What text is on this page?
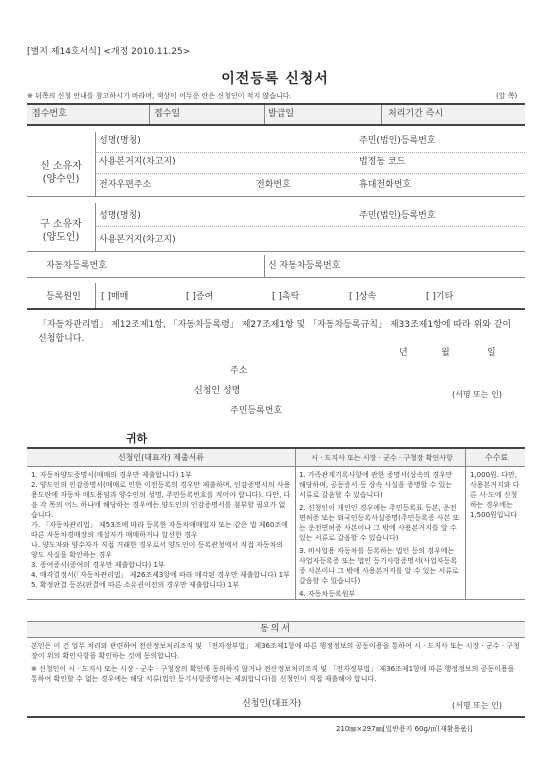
[별지 제14호서식] <개정 2010.11.25>
이전등록 신청서
※ 뒤쪽의 신청 안내를 참고하시기 바라며, 색상이 어두운 란은 신청인이 적지 않습니다.	(앞 쪽)
접수번호	접수일	발급일	처리기간 즉시
신 소유자
(양수인)
성명(명칭)	주민(법인)등록번호
사용본거지(차고지)	법정동 코드
전자우편주소	전화번호	휴대전화번호
구 소유자
(양도인)
성명(명칭)	주민(법인)등록번호
사용본거지(차고지)
자동차등록번호	신 자동차등록번호
등록원인 [ ]매매	[ ]증여	[ ]촉탁	[ ]상속	[ ]기타
「자동차관리법」 제12조제1항, 「자동차등록령」 제27조제1항 및 「자동차등록규칙」 제33조제1항에 따라 위와 같이 신청합니다.
년	월	일
주소
신청인 성명	(서명 또는 인)
주민등록번호
귀하
신청인(대표자) 제출서류	시 · 도지사 또는 시장 · 군수 · 구청장 확인사항	수수료
1. 자동차양도증명서(매매의 경우만 제출합니다) 1부
2. 양도인의 인감증명서(매매로 인한 이전등록의 경우만 제출하며, 인감증명서의 사용용도란에 자동차 매도용임과 양수인의 성명, 주민등록번호를 적어야 합니다). 다만, 다음 각 목의 어느 하나에 해당하는 경우에는 양도인의 인감증명서를 첨부할 필요가 없습니다.
가. 「자동차관리법」 제53조에 따라 등록한 자동차매매업자 또는 같은 법 제60조에 따른 자동차경매장의 개설자가 매매하거나 알선한 경우
나. 양도자와 양수자가 직접 거래한 경우로서 양도인이 등록관청에서 직접 자동차의 양도 사실을 확인하는 경우
3. 증여증서(증여의 경우만 제출합니다) 1부
4. 매각결정서(「자동차관리법」 제26조제3항에 따라 매각된 경우만 제출합니다) 1부
5. 확정판결 등본(판결에 따른 소유권이전의 경우만 제출합니다) 1부
1. 가족관계기록사항에 관한 증명서(상속의 경우만 해당하며, 공동증서 등 상속 사실을 증명할 수 있는 서류로 갈음할 수 있습니다)
2. 신청인이 개인인 경우에는 주민등록표 등본, 운전면허증 또는 외국인등록사실증명(주민등록증 사본 또는 운전면허증 사본이나 그 밖에 사용본거지를 알 수 있는 서류로 갈음할 수 있습니다)
3. 비사업용 자동차를 등록하는 법인 등의 경우에는 사업자등록증 또는 법인 등기사항증명서(사업자등록증 사본이나 그 밖에 사용본거지를 알 수 있는 서류로 갈음할 수 있습니다)
4. 자동차등록원부
1,000원. 다만, 사용본거지와 다른 시·도에 신청하는 경우에는 1,500원입니다
동의서
본인은 이 건 업무 처리와 관련하여 전산정보처리조직 및 「전자정부법」 제36조제1항에 따른 행정정보의 공동이용을 통하여 시 · 도지사 또는 시장 · 군수 · 구청장이 위의 확인사항을 확인하는 것에 동의합니다.
※ 신청인이 시 · 도지사 또는 시장 · 군수 · 구청장의 확인에 동의하지 않거나 전산정보처리조직 및 「전자정부법」 제36조제1항에 따른 행정정보의 공동이용을 통하여 확인할 수 없는 경우에는 해당 서류(법인 등기사항증명서는 제외합니다)를 신청인이 직접 제출해야 합니다.
신청인(대표자)	(서명 또는 인)
210㎜×297㎜[일반용지 60g/㎡(재활용품)]
